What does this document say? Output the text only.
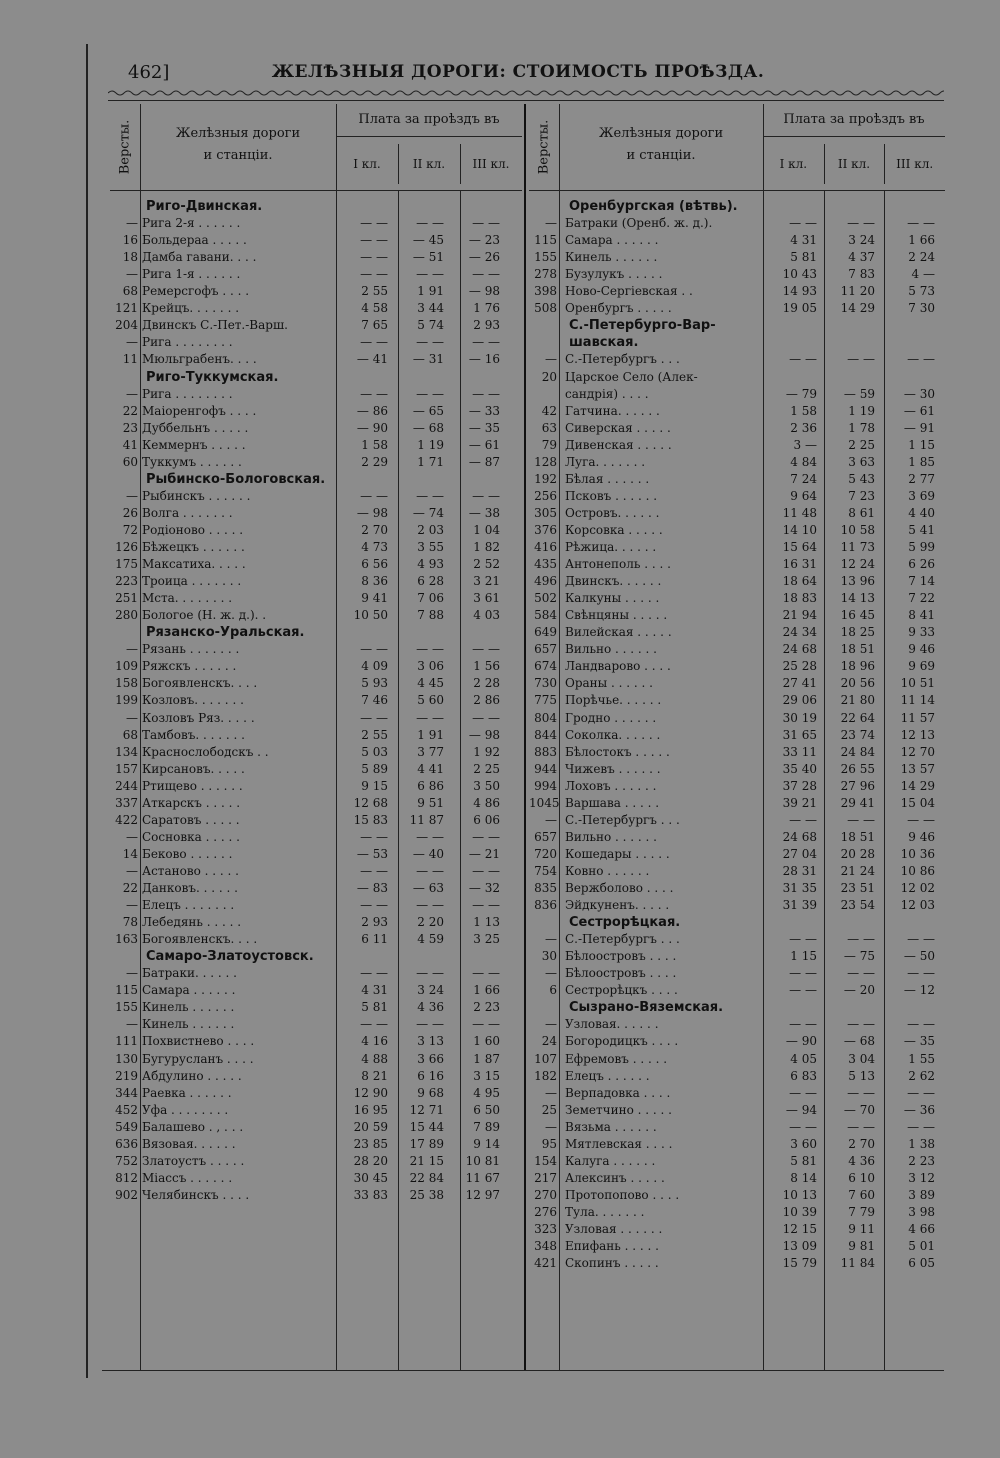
462]	ЖЕЛѢЗНЫЯ ДОРОГИ: СТОИМОСТЬ ПРОѢЗДА.
Версты.	Желѣзныя дороги
и станціи.
Плата за проѣздъ въ
I кл.	II кл.	III кл.
Риго-Двинская.
— Рига 2-я . . . . . .	— —	— —	— —
16 Больдераа . . . . .	— —	— 45	— 23
18 Дамба гавани. . . .	— —	— 51	— 26
— Рига 1-я . . . . . .	— —	— —	— —
68 Ремерсгофъ . . . .	2 55	1 91	— 98
121 Крейцъ. . . . . . .	4 58	3 44	1 76
204 Двинскъ С.-Пет.-Варш.	7 65	5 74	2 93
— Рига . . . . . . . .	— —	— —	— —
11 Мюльграбенъ. . . .	— 41	— 31	— 16
Риго-Туккумская.
— Рига . . . . . . . .	— —	— —	— —
22 Маіоренгофъ . . . .	— 86	— 65	— 33
23 Дуббельнъ . . . . .	— 90	— 68	— 35
41 Кеммернъ . . . . .	1 58	1 19	— 61
60 Туккумъ . . . . . .	2 29	1 71	— 87
Рыбинско-Бологовская.
— Рыбинскъ . . . . . .	— —	— —	— —
26 Волга . . . . . . .	— 98	— 74	— 38
72 Родіоново . . . . .	2 70	2 03	1 04
126 Бѣжецкъ . . . . . .	4 73	3 55	1 82
175 Максатиха. . . . .	6 56	4 93	2 52
223 Троица . . . . . . .	8 36	6 28	3 21
251 Мста. . . . . . . .	9 41	7 06	3 61
280 Бологое (Н. ж. д.). .	10 50	7 88	4 03
Рязанско-Уральская.
— Рязань . . . . . . .	— —	— —	— —
109 Ряжскъ . . . . . .	4 09	3 06	1 56
158 Богоявленскъ. . . .	5 93	4 45	2 28
199 Козловъ. . . . . . .	7 46	5 60	2 86
— Козловъ Ряз. . . . .	— —	— —	— —
68 Тамбовъ. . . . . . .	2 55	1 91	— 98
134 Краснослободскъ . .	5 03	3 77	1 92
157 Кирсановъ. . . . .	5 89	4 41	2 25
244 Ртищево . . . . . .	9 15	6 86	3 50
337 Аткарскъ . . . . .	12 68	9 51	4 86
422 Саратовъ . . . . .	15 83	11 87	6 06
— Сосновка . . . . .	— —	— —	— —
14 Беково . . . . . .	— 53	— 40	— 21
— Астаново . . . . .	— —	— —	— —
22 Данковъ. . . . . .	— 83	— 63	— 32
— Елецъ . . . . . . .	— —	— —	— —
78 Лебедянь . . . . .	2 93	2 20	1 13
163 Богоявленскъ. . . .	6 11	4 59	3 25
Самаро-Златоустовск.
— Батраки. . . . . .	— —	— —	— —
115 Самара . . . . . .	4 31	3 24	1 66
155 Кинель . . . . . .	5 81	4 36	2 23
— Кинель . . . . . .	— —	— —	— —
111 Похвистнево . . . .	4 16	3 13	1 60
130 Бугурусланъ . . . .	4 88	3 66	1 87
219 Абдулино . . . . .	8 21	6 16	3 15
344 Раевка . . . . . .	12 90	9 68	4 95
452 Уфа . . . . . . . .	16 95	12 71	6 50
549 Балашево . , . . .	20 59	15 44	7 89
636 Вязовая. . . . . .	23 85	17 89	9 14
752 Златоустъ . . . . .	28 20	21 15	10 81
812 Міассъ . . . . . .	30 45	22 84	11 67
902 Челябинскъ . . . .	33 83	25 38	12 97
Версты.	Желѣзныя дороги
и станціи.
Плата за проѣздъ въ
I кл.	II кл.	III кл.
Оренбургская (вѣтвь).
— Батраки (Оренб. ж. д.).	— —	— —	— —
115 Самара . . . . . .	4 31	3 24	1 66
155 Кинель . . . . . .	5 81	4 37	2 24
278 Бузулукъ . . . . .	10 43	7 83	4 —
398 Ново-Сергіевская . .	14 93	11 20	5 73
508 Оренбургъ . . . . .	19 05	14 29	7 30
С.-Петербурго-Вар-
шавская.
— С.-Петербургъ . . .	— —	— —	— —
20 Царское Село (Алек-
сандрія) . . . .	— 79	— 59	— 30
42 Гатчина. . . . . .	1 58	1 19	— 61
63 Сиверская . . . . .	2 36	1 78	— 91
79 Дивенская . . . . .	3 —	2 25	1 15
128 Луга. . . . . . .	4 84	3 63	1 85
192 Бѣлая . . . . . .	7 24	5 43	2 77
256 Псковъ . . . . . .	9 64	7 23	3 69
305 Островъ. . . . . .	11 48	8 61	4 40
376 Корсовка . . . . .	14 10	10 58	5 41
416 Рѣжица. . . . . .	15 64	11 73	5 99
435 Антонеполь . . . .	16 31	12 24	6 26
496 Двинскъ. . . . . .	18 64	13 96	7 14
502 Калкуны . . . . .	18 83	14 13	7 22
584 Свѣнцяны . . . . .	21 94	16 45	8 41
649 Вилейская . . . . .	24 34	18 25	9 33
657 Вильно . . . . . .	24 68	18 51	9 46
674 Ландварово . . . .	25 28	18 96	9 69
730 Ораны . . . . . .	27 41	20 56	10 51
775 Порѣчье. . . . . .	29 06	21 80	11 14
804 Гродно . . . . . .	30 19	22 64	11 57
844 Соколка. . . . . .	31 65	23 74	12 13
883 Бѣлостокъ . . . . .	33 11	24 84	12 70
944 Чижевъ . . . . . .	35 40	26 55	13 57
994 Лоховъ . . . . . .	37 28	27 96	14 29
1045 Варшава . . . . .	39 21	29 41	15 04
— С.-Петербургъ . . .	— —	— —	— —
657 Вильно . . . . . .	24 68	18 51	9 46
720 Кошедары . . . . .	27 04	20 28	10 36
754 Ковно . . . . . .	28 31	21 24	10 86
835 Вержболово . . . .	31 35	23 51	12 02
836 Эйдкуненъ. . . . .	31 39	23 54	12 03
Сестрорѣцкая.
— С.-Петербургъ . . .	— —	— —	— —
30 Бѣлоостровъ . . . .	1 15	— 75	— 50
— Бѣлоостровъ . . . .	— —	— —	— —
6 Сестрорѣцкъ . . . .	— —	— 20	— 12
Сызрано-Вяземская.
— Узловая. . . . . .	— —	— —	— —
24 Богородицкъ . . . .	— 90	— 68	— 35
107 Ефремовъ . . . . .	4 05	3 04	1 55
182 Елецъ . . . . . .	6 83	5 13	2 62
— Верпадовка . . . .	— —	— —	— —
25 Земетчино . . . . .	— 94	— 70	— 36
— Вязьма . . . . . .	— —	— —	— —
95 Мятлевская . . . .	3 60	2 70	1 38
154 Калуга . . . . . .	5 81	4 36	2 23
217 Алексинъ . . . . .	8 14	6 10	3 12
270 Протопопово . . . .	10 13	7 60	3 89
276 Тула. . . . . . .	10 39	7 79	3 98
323 Узловая . . . . . .	12 15	9 11	4 66
348 Епифань . . . . .	13 09	9 81	5 01
421 Скопинъ . . . . .	15 79	11 84	6 05
